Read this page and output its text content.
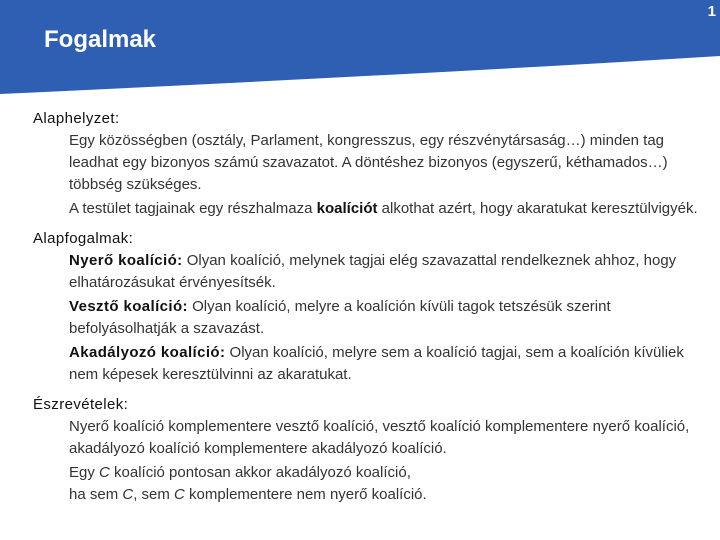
Fogalmak
1
Alaphelyzet:

Egy közösségben (osztály, Parlament, kongresszus, egy részvénytársaság…) minden tag leadhat egy bizonyos számú szavazatot. A döntéshez bizonyos (egyszerű, kéthamados…) többség szükséges.

A testület tagjainak egy részhalmaza koalíciót alkothat azért, hogy akaratukat keresztülvigyék.

Alapfogalmak:

Nyerő koalíció: Olyan koalíció, melynek tagjai elég szavazattal rendelkeznek ahhoz, hogy elhatározásukat érvényesítsék.

Vesztő koalíció: Olyan koalíció, melyre a koalíción kívüli tagok tetszésük szerint befolyásolhatják a szavazást.

Akadályozó koalíció: Olyan koalíció, melyre sem a koalíció tagjai, sem a koalíción kívüliek nem képesek keresztülvinni az akaratukat.

Észrevételek:

Nyerő koalíció komplementere vesztő koalíció, vesztő koalíció komplementere nyerő koalíció, akadályozó koalíció komplementere akadályozó koalíció.

Egy C koalíció pontosan akkor akadályozó koalíció,
ha sem C, sem C komplementere nem nyerő koalíció.
